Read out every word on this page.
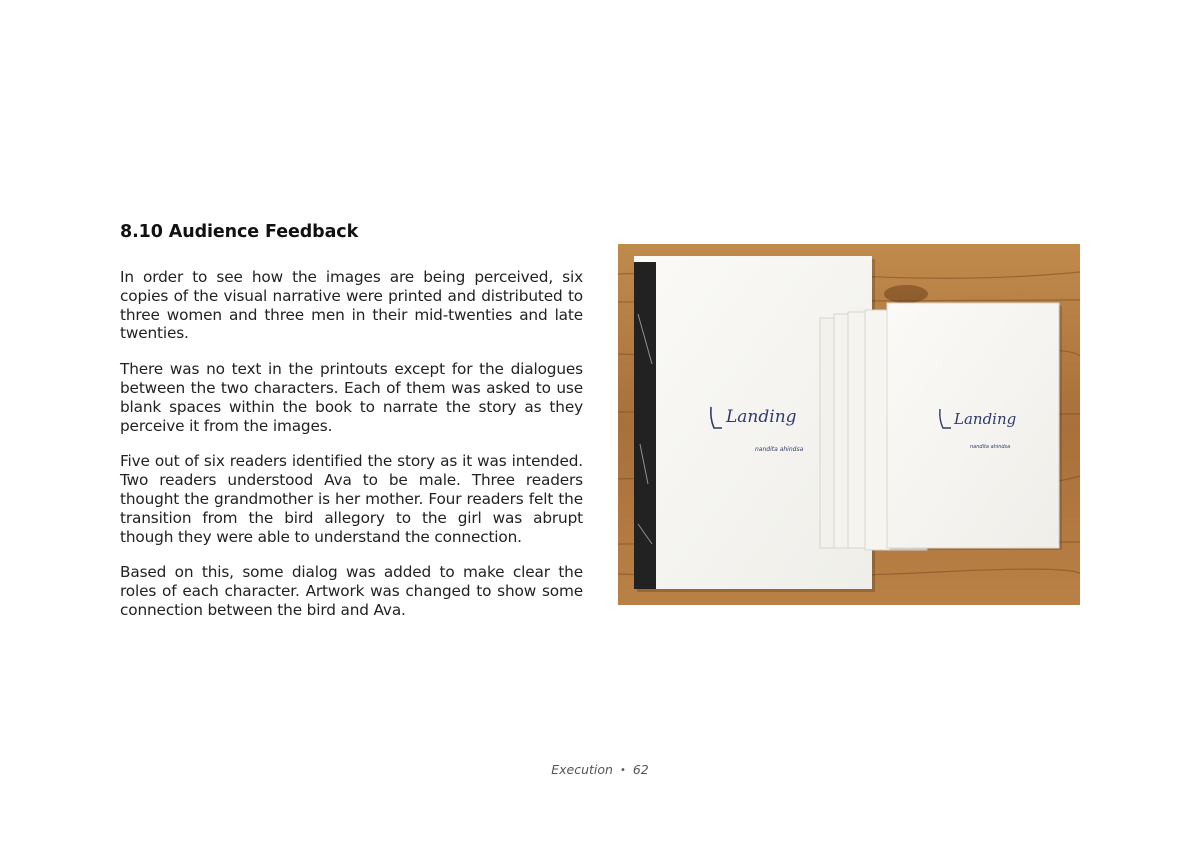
8.10 Audience Feedback

In order to see how the images are being perceived, six copies of the visual narrative were printed and distributed to three women and three men in their mid-twenties and late twenties.

There was no text in the printouts except for the dialogues between the two characters. Each of them was asked to use blank spaces within the book to narrate the story as they perceive it from the images.

Five out of six readers identified the story as it was intended. Two readers understood Ava to be male. Three readers thought the grandmother is her mother. Four readers felt the transition from the bird allegory to the girl was abrupt though they were able to understand the connection.

Based on this, some dialog was added to make clear the roles of each character. Artwork was changed to show some connection between the bird and Ava.

Landing
nandita ahindsa
Landing
nandita ahindsa
Execution • 62
